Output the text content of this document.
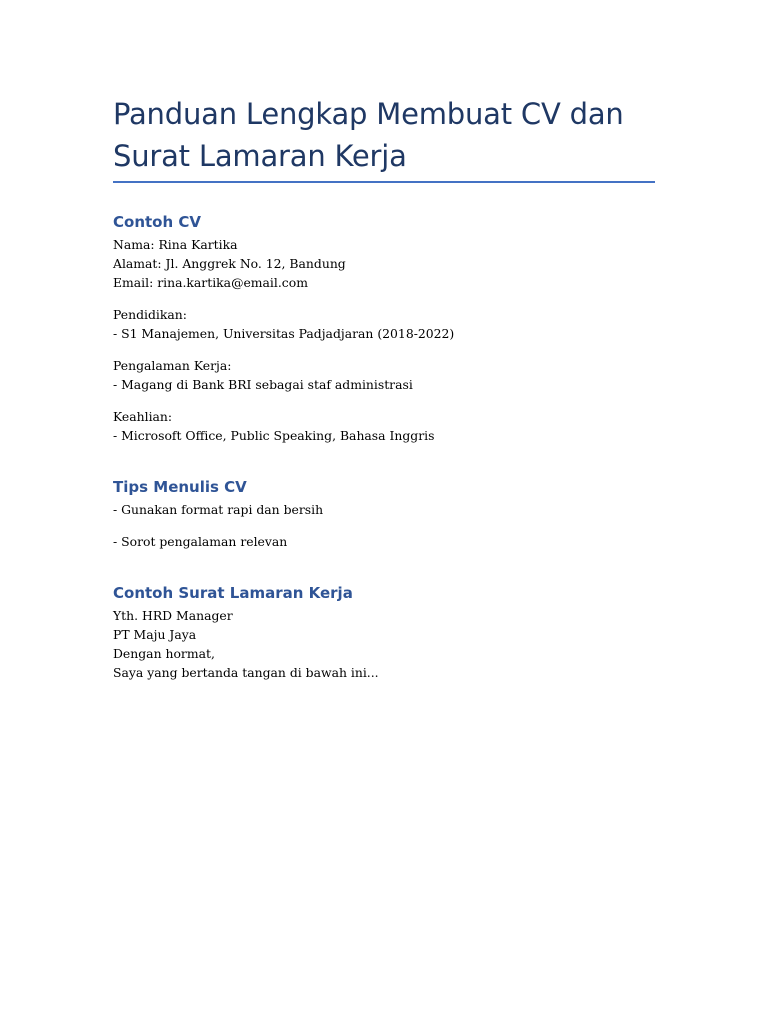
Panduan Lengkap Membuat CV dan
Surat Lamaran Kerja
Contoh CV

Nama: Rina Kartika

Alamat: Jl. Anggrek No. 12, Bandung

Email: rina.kartika@email.com

Pendidikan:

- S1 Manajemen, Universitas Padjadjaran (2018-2022)

Pengalaman Kerja:

- Magang di Bank BRI sebagai staf administrasi

Keahlian:

- Microsoft Office, Public Speaking, Bahasa Inggris

Tips Menulis CV

- Gunakan format rapi dan bersih

- Sorot pengalaman relevan

Contoh Surat Lamaran Kerja

Yth. HRD Manager

PT Maju Jaya

Dengan hormat,

Saya yang bertanda tangan di bawah ini...
